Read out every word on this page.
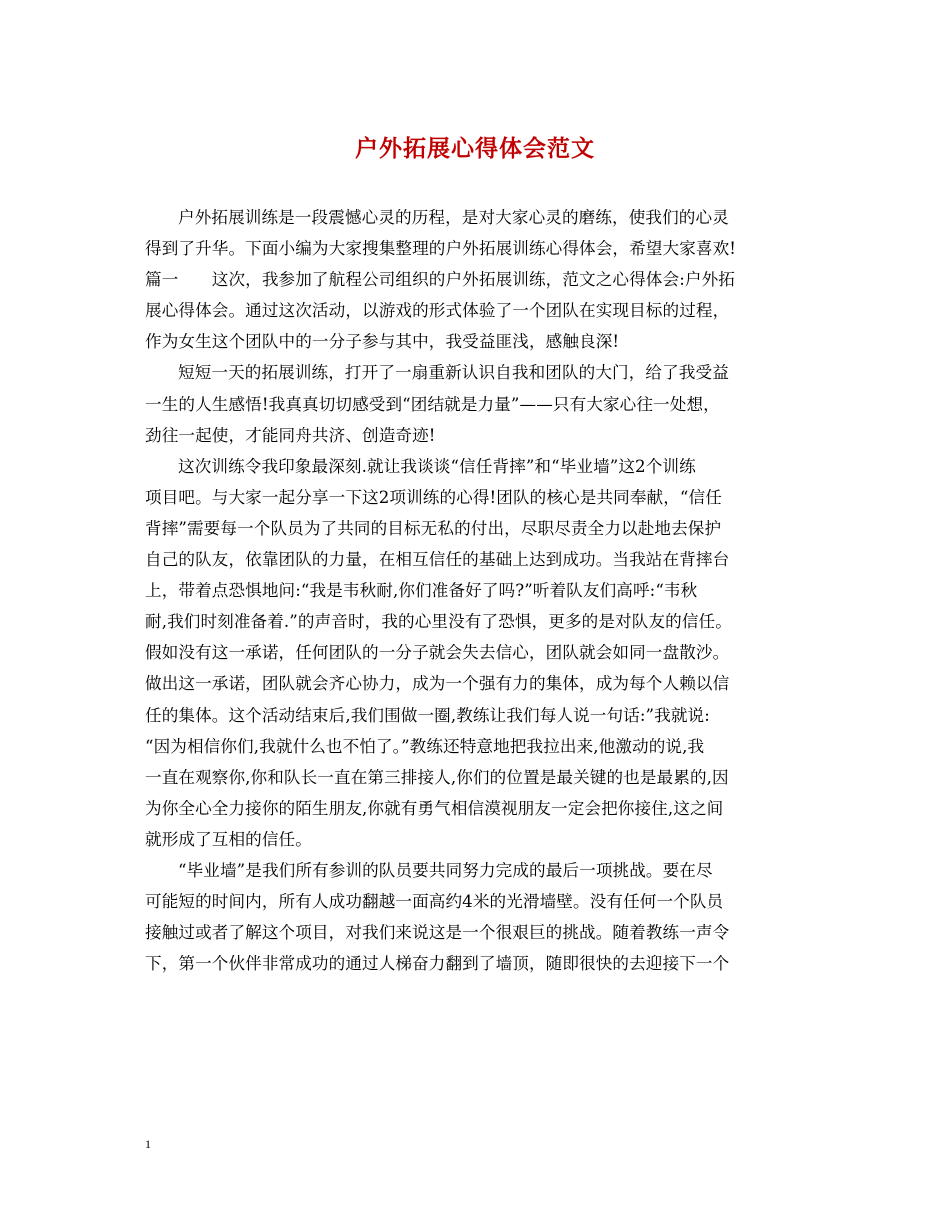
户外拓展心得体会范文
户外拓展训练是一段震憾心灵的历程，是对大家心灵的磨练，使我们的心灵
得到了升华。下面小编为大家搜集整理的户外拓展训练心得体会，希望大家喜欢!
篇一　　这次，我参加了航程公司组织的户外拓展训练，范文之心得体会:户外拓
展心得体会。通过这次活动，以游戏的形式体验了一个团队在实现目标的过程，
作为女生这个团队中的一分子参与其中，我受益匪浅，感触良深!
短短一天的拓展训练，打开了一扇重新认识自我和团队的大门，给了我受益
一生的人生感悟!我真真切切感受到“团结就是力量”——只有大家心往一处想，
劲往一起使，才能同舟共济、创造奇迹!
这次训练令我印象最深刻.就让我谈谈“信任背摔”和“毕业墙”这2个训练
项目吧。与大家一起分享一下这2项训练的心得!团队的核心是共同奉献，“信任
背摔”需要每一个队员为了共同的目标无私的付出，尽职尽责全力以赴地去保护
自己的队友，依靠团队的力量，在相互信任的基础上达到成功。当我站在背摔台
上，带着点恐惧地问:“我是韦秋耐,你们准备好了吗?”听着队友们高呼:“韦秋
耐,我们时刻准备着.”的声音时，我的心里没有了恐惧，更多的是对队友的信任。
假如没有这一承诺，任何团队的一分子就会失去信心，团队就会如同一盘散沙。
做出这一承诺，团队就会齐心协力，成为一个强有力的集体，成为每个人赖以信
任的集体。这个活动结束后,我们围做一圈,教练让我们每人说一句话:”我就说:
“因为相信你们,我就什么也不怕了。”教练还特意地把我拉出来,他激动的说,我
一直在观察你,你和队长一直在第三排接人,你们的位置是最关键的也是最累的,因
为你全心全力接你的陌生朋友,你就有勇气相信漠视朋友一定会把你接住,这之间
就形成了互相的信任。
“毕业墙”是我们所有参训的队员要共同努力完成的最后一项挑战。要在尽
可能短的时间内，所有人成功翻越一面高约4米的光滑墙壁。没有任何一个队员
接触过或者了解这个项目，对我们来说这是一个很艰巨的挑战。随着教练一声令
下，第一个伙伴非常成功的通过人梯奋力翻到了墙顶，随即很快的去迎接下一个
1
